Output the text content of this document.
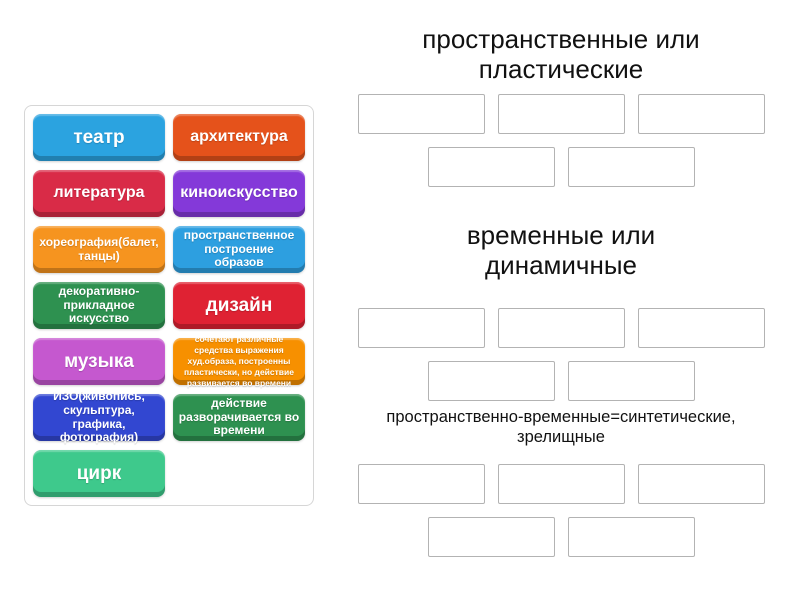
театр	архитектура
литература	киноискусство
хореография(балет, танцы)
пространственное построение образов
декоративно-прикладное искусство
дизайн
музыка
сочетают различные средства выражения худ.образа, построенны пластически, но действие развивается во времени
ИЗО(живопись, скульптура, графика, фотография)
действие разворачивается во времени
цирк
пространственные или пластические
временные или динамичные
пространственно-временные=синтетические, зрелищные
